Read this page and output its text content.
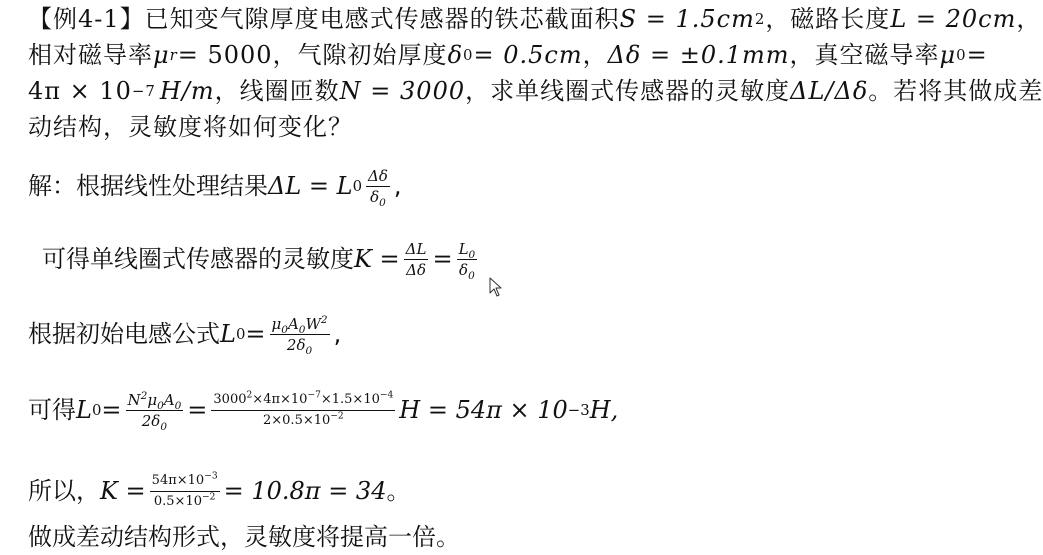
【例4-1】已知变气隙厚度电感式传感器的铁芯截面积 S = 1.5cm 2 ，磁路长度 L = 20cm ，
相对磁导率 μ r = 5000 ，气隙初始厚度 δ 0 = 0.5cm ， Δδ = ±0.1mm ，真空磁导率 μ 0 =
4π × 10 −7 H/m ，线圈匝数 N = 3000 ，求单线圈式传感器的灵敏度 ΔL/Δδ 。若将其做成差
动结构，灵敏度将如何变化？
解：根据线性处理结果 ΔL = L $0 \frac{\Delta\delta}{\delta_0}$ ,
可得单线圈式传感器的灵敏度 $K = \frac{\Delta L}{\Delta\delta} = \frac{L_0}{\delta_0}$
根据初始电感公式 L $0 = \frac{\mu_0A_0W^2}{2\delta_0}$ ,
可得 L $0 = \frac{N^2\mu_0A_0}{2\delta_0} = \frac{3000^2\times 4\pi\times 10^{-7}\times 1.5\times 10^{-4}}{2\times 0.5\times 10^{-2}}$ H = 54π × 10 −3 H,
所以， $K = \frac{54\pi\times 10^{-3}}{0.5\times 10^{-2}} = 10.8\pi = 34$ 。
做成差动结构形式，灵敏度将提高一倍。
